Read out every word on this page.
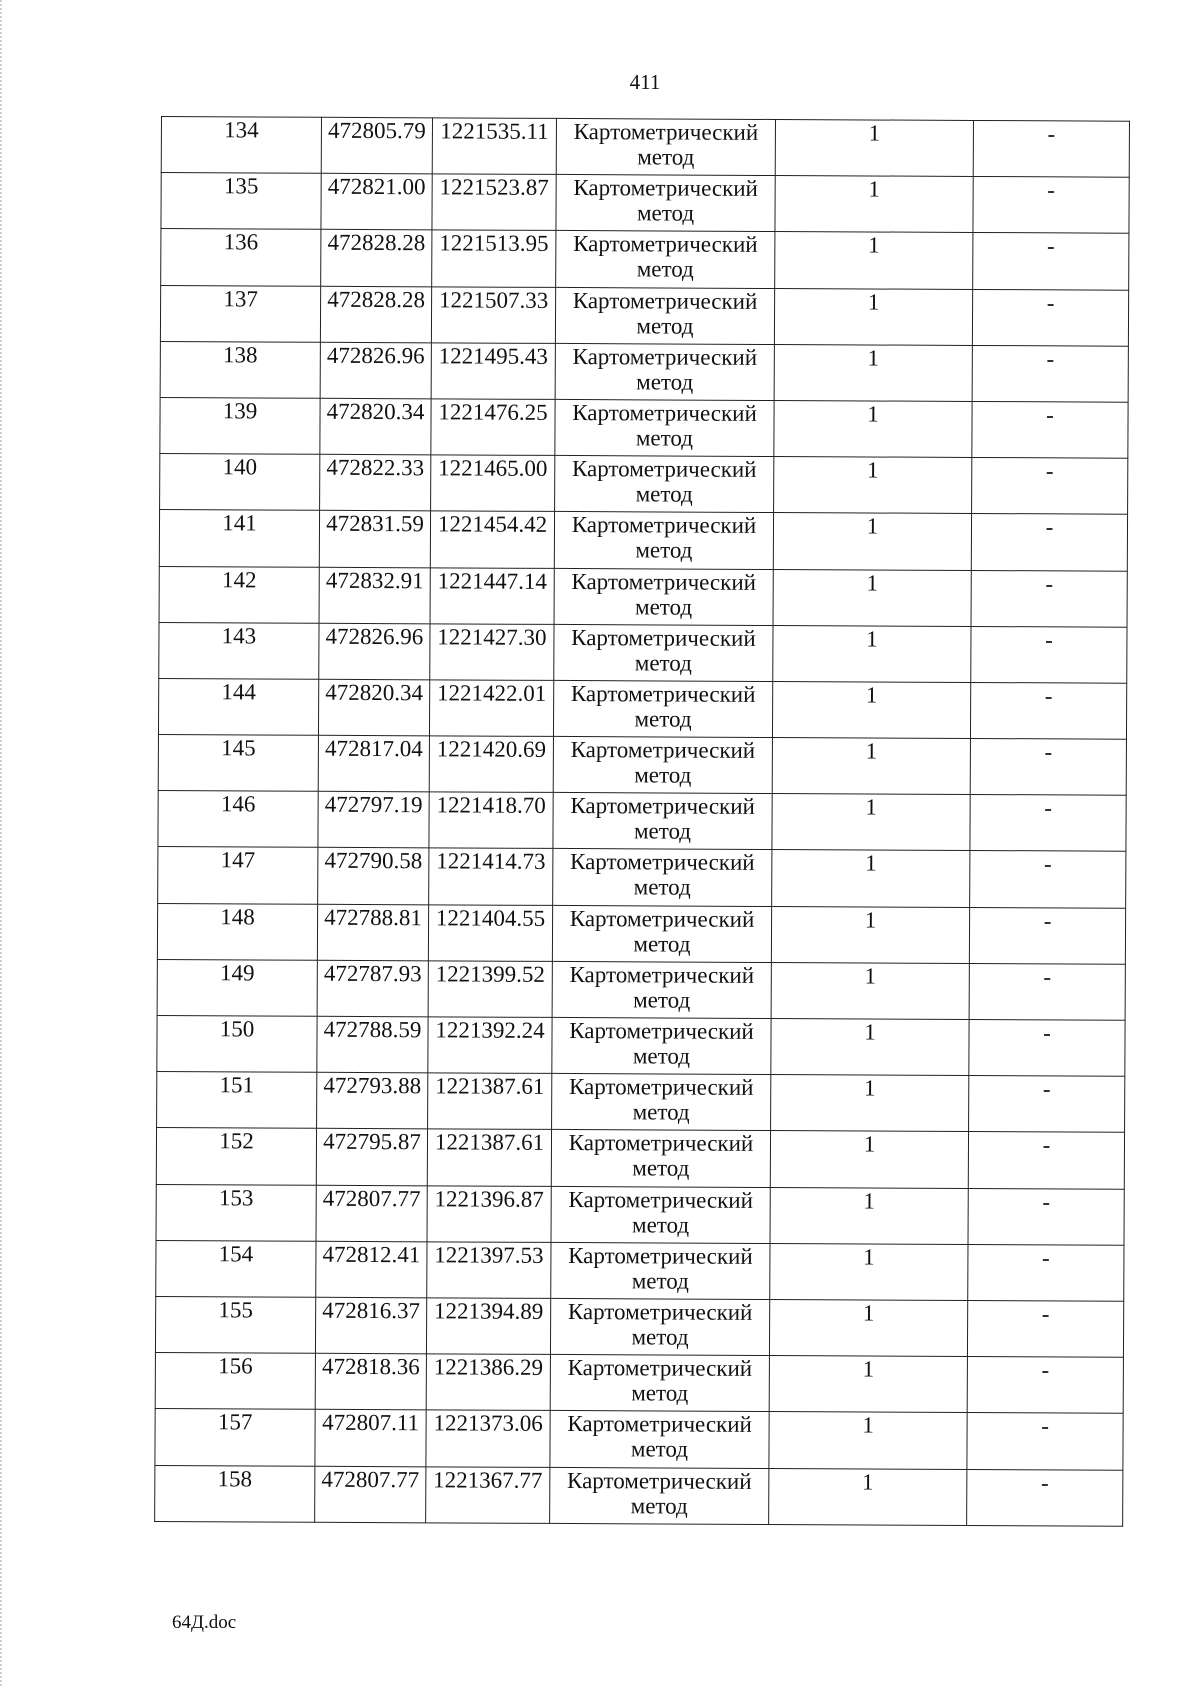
411
134	472805.79	1221535.11	Картометрический метод	1	-
135	472821.00	1221523.87	Картометрический метод	1	-
136	472828.28	1221513.95	Картометрический метод	1	-
137	472828.28	1221507.33	Картометрический метод	1	-
138	472826.96	1221495.43	Картометрический метод	1	-
139	472820.34	1221476.25	Картометрический метод	1	-
140	472822.33	1221465.00	Картометрический метод	1	-
141	472831.59	1221454.42	Картометрический метод	1	-
142	472832.91	1221447.14	Картометрический метод	1	-
143	472826.96	1221427.30	Картометрический метод	1	-
144	472820.34	1221422.01	Картометрический метод	1	-
145	472817.04	1221420.69	Картометрический метод	1	-
146	472797.19	1221418.70	Картометрический метод	1	-
147	472790.58	1221414.73	Картометрический метод	1	-
148	472788.81	1221404.55	Картометрический метод	1	-
149	472787.93	1221399.52	Картометрический метод	1	-
150	472788.59	1221392.24	Картометрический метод	1	-
151	472793.88	1221387.61	Картометрический метод	1	-
152	472795.87	1221387.61	Картометрический метод	1	-
153	472807.77	1221396.87	Картометрический метод	1	-
154	472812.41	1221397.53	Картометрический метод	1	-
155	472816.37	1221394.89	Картометрический метод	1	-
156	472818.36	1221386.29	Картометрический метод	1	-
157	472807.11	1221373.06	Картометрический метод	1	-
158	472807.77	1221367.77	Картометрический метод	1	-
64Д.doc
